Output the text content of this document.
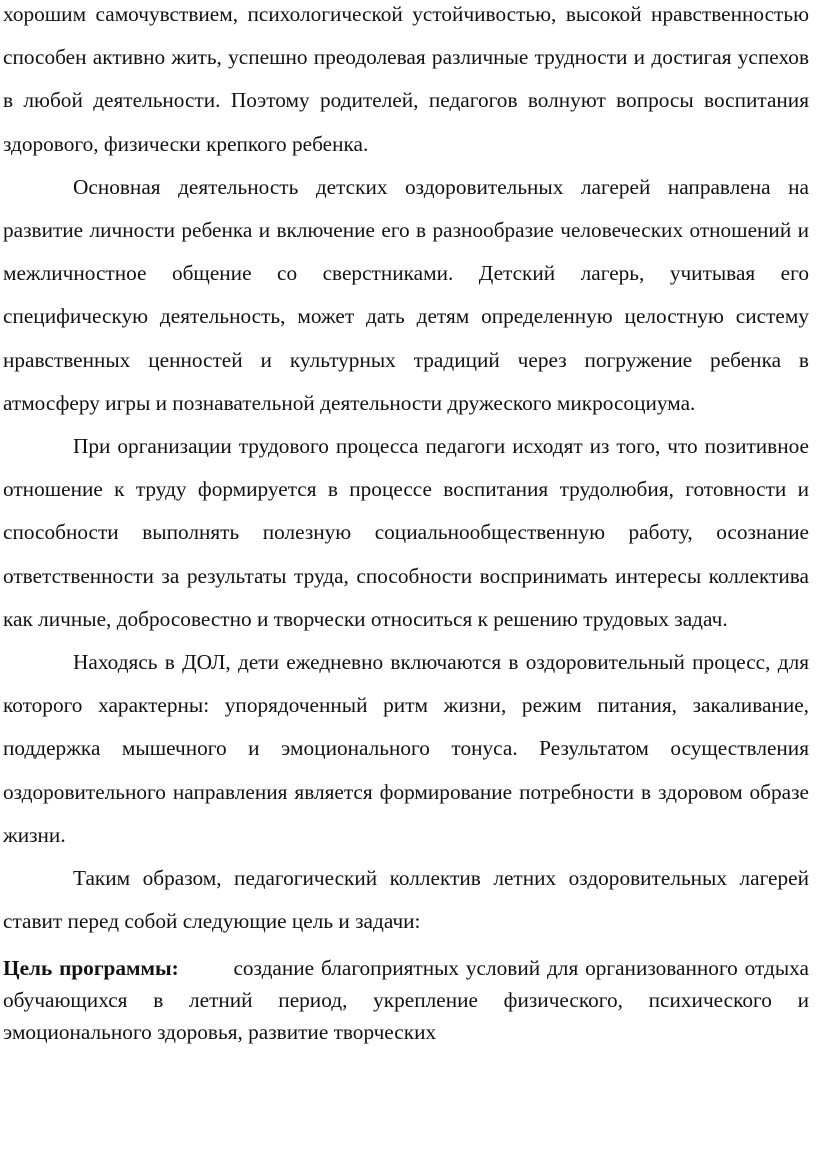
хорошим самочувствием, психологической устойчивостью, высокой нравственностью способен активно жить, успешно преодолевая различные трудности и достигая успехов в любой деятельности. Поэтому родителей, педагогов волнуют вопросы воспитания здорового, физически крепкого ребенка.

Основная деятельность детских оздоровительных лагерей направлена на развитие личности ребенка и включение его в разнообразие человеческих отношений и межличностное общение со сверстниками. Детский лагерь, учитывая его специфическую деятельность, может дать детям определенную целостную систему нравственных ценностей и культурных традиций через погружение ребенка в атмосферу игры и познавательной деятельности дружеского микросоциума.

При организации трудового процесса педагоги исходят из того, что позитивное отношение к труду формируется в процессе воспитания трудолюбия, готовности и способности выполнять полезную социальнообщественную работу, осознание ответственности за результаты труда, способности воспринимать интересы коллектива как личные, добросовестно и творчески относиться к решению трудовых задач.

Находясь в ДОЛ, дети ежедневно включаются в оздоровительный процесс, для которого характерны: упорядоченный ритм жизни, режим питания, закаливание, поддержка мышечного и эмоционального тонуса. Результатом осуществления оздоровительного направления является формирование потребности в здоровом образе жизни.

Таким образом, педагогический коллектив летних оздоровительных лагерей ставит перед собой следующие цель и задачи:

Цель программы:	создание благоприятных условий для организованного отдыха обучающихся в летний период, укрепление физического, психического и эмоционального здоровья, развитие творческих
